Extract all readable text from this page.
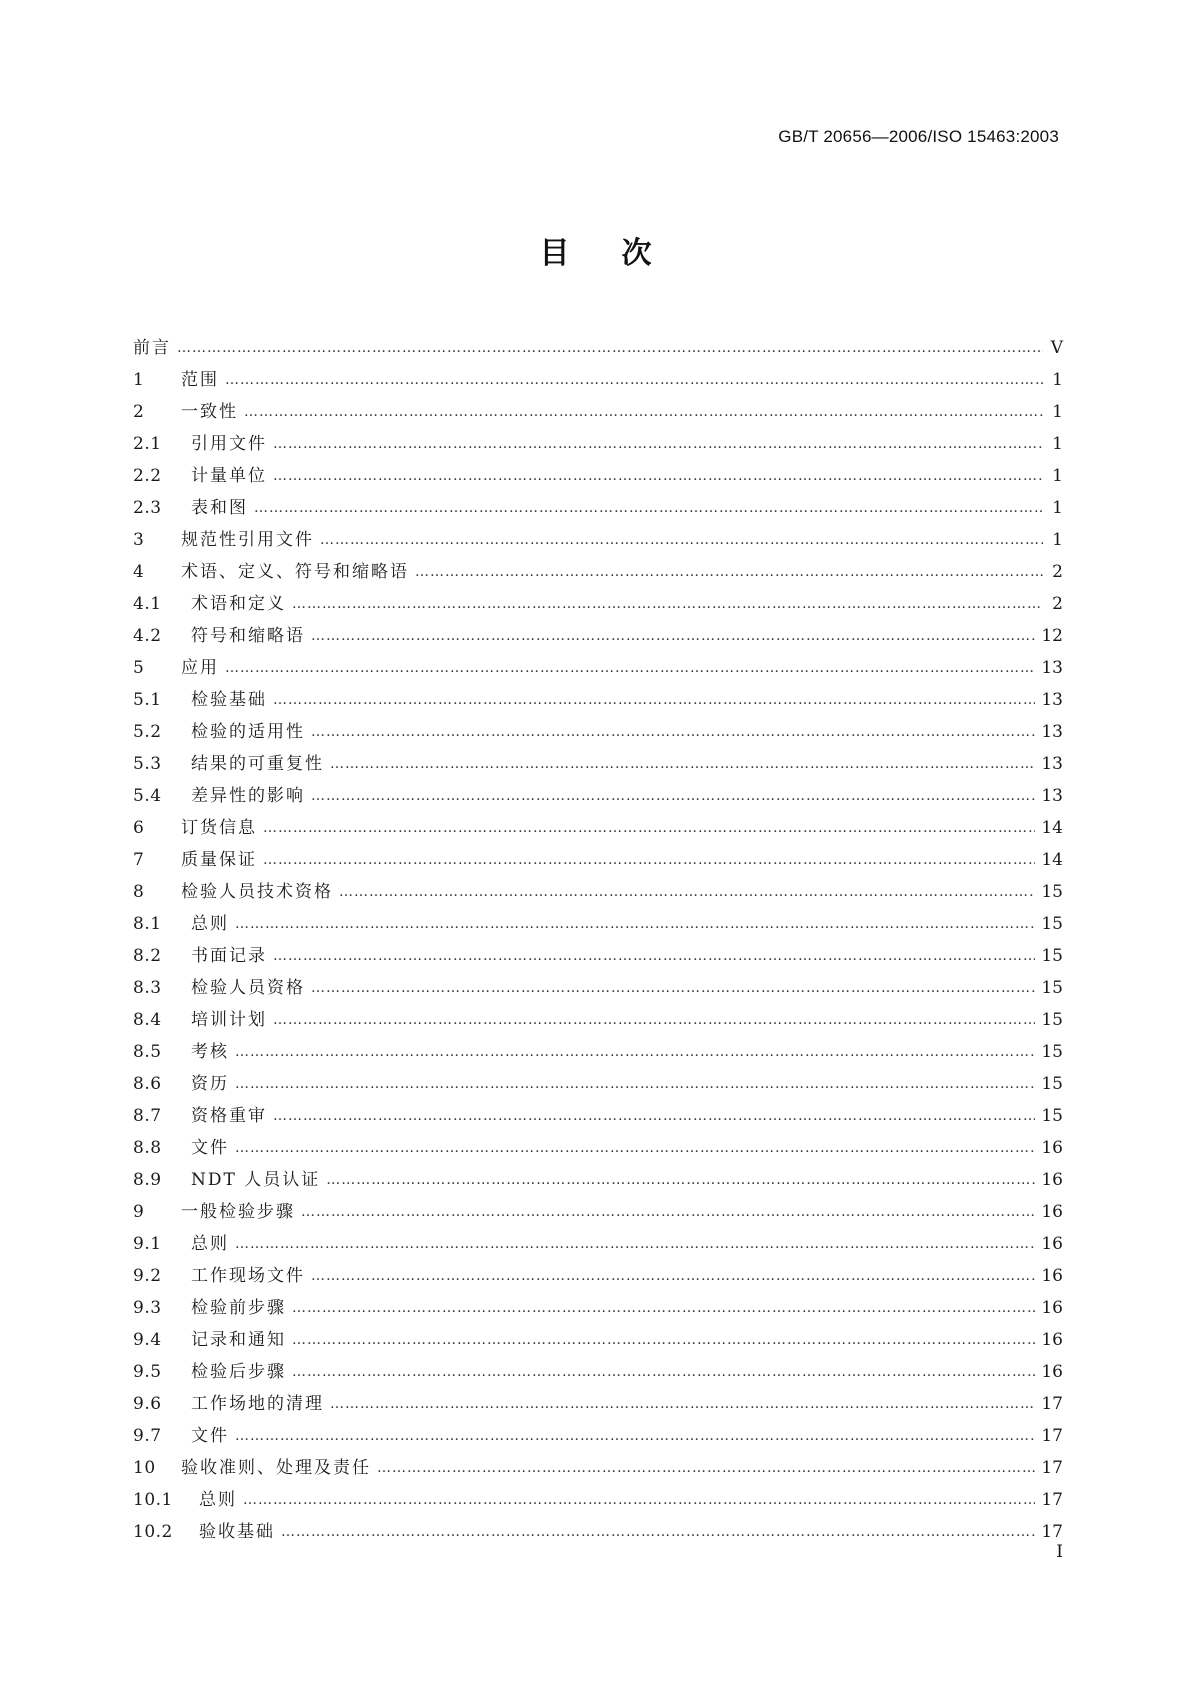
GB/T 20656—2006/ISO 15463:2003
目次
前言 …………………………………………………………………………………………………………………………………………………………………………………………………………………………………………	Ⅴ
1	范围 …………………………………………………………………………………………………………………………………………………………………………………………………………………………………………	1
2	一致性 …………………………………………………………………………………………………………………………………………………………………………………………………………………………………………	1
2.1	引用文件 …………………………………………………………………………………………………………………………………………………………………………………………………………………………………………	1
2.2	计量单位 …………………………………………………………………………………………………………………………………………………………………………………………………………………………………………	1
2.3	表和图 …………………………………………………………………………………………………………………………………………………………………………………………………………………………………………	1
3	规范性引用文件 …………………………………………………………………………………………………………………………………………………………………………………………………………………………………………	1
4	术语、定义、符号和缩略语 …………………………………………………………………………………………………………………………………………………………………………………………………………………………………………	2
4.1	术语和定义 …………………………………………………………………………………………………………………………………………………………………………………………………………………………………………	2
4.2	符号和缩略语 …………………………………………………………………………………………………………………………………………………………………………………………………………………………………………	12
5	应用 …………………………………………………………………………………………………………………………………………………………………………………………………………………………………………	13
5.1	检验基础 …………………………………………………………………………………………………………………………………………………………………………………………………………………………………………	13
5.2	检验的适用性 …………………………………………………………………………………………………………………………………………………………………………………………………………………………………………	13
5.3	结果的可重复性 …………………………………………………………………………………………………………………………………………………………………………………………………………………………………………	13
5.4	差异性的影响 …………………………………………………………………………………………………………………………………………………………………………………………………………………………………………	13
6	订货信息 …………………………………………………………………………………………………………………………………………………………………………………………………………………………………………	14
7	质量保证 …………………………………………………………………………………………………………………………………………………………………………………………………………………………………………	14
8	检验人员技术资格 …………………………………………………………………………………………………………………………………………………………………………………………………………………………………………	15
8.1	总则 …………………………………………………………………………………………………………………………………………………………………………………………………………………………………………	15
8.2	书面记录 …………………………………………………………………………………………………………………………………………………………………………………………………………………………………………	15
8.3	检验人员资格 …………………………………………………………………………………………………………………………………………………………………………………………………………………………………………	15
8.4	培训计划 …………………………………………………………………………………………………………………………………………………………………………………………………………………………………………	15
8.5	考核 …………………………………………………………………………………………………………………………………………………………………………………………………………………………………………	15
8.6	资历 …………………………………………………………………………………………………………………………………………………………………………………………………………………………………………	15
8.7	资格重审 …………………………………………………………………………………………………………………………………………………………………………………………………………………………………………	15
8.8	文件 …………………………………………………………………………………………………………………………………………………………………………………………………………………………………………	16
8.9	NDT 人员认证 …………………………………………………………………………………………………………………………………………………………………………………………………………………………………………	16
9	一般检验步骤 …………………………………………………………………………………………………………………………………………………………………………………………………………………………………………	16
9.1	总则 …………………………………………………………………………………………………………………………………………………………………………………………………………………………………………	16
9.2	工作现场文件 …………………………………………………………………………………………………………………………………………………………………………………………………………………………………………	16
9.3	检验前步骤 …………………………………………………………………………………………………………………………………………………………………………………………………………………………………………	16
9.4	记录和通知 …………………………………………………………………………………………………………………………………………………………………………………………………………………………………………	16
9.5	检验后步骤 …………………………………………………………………………………………………………………………………………………………………………………………………………………………………………	16
9.6	工作场地的清理 …………………………………………………………………………………………………………………………………………………………………………………………………………………………………………	17
9.7	文件 …………………………………………………………………………………………………………………………………………………………………………………………………………………………………………	17
10	验收准则、处理及责任 …………………………………………………………………………………………………………………………………………………………………………………………………………………………………………	17
10.1	总则 …………………………………………………………………………………………………………………………………………………………………………………………………………………………………………	17
10.2	验收基础 …………………………………………………………………………………………………………………………………………………………………………………………………………………………………………	17
Ⅰ
